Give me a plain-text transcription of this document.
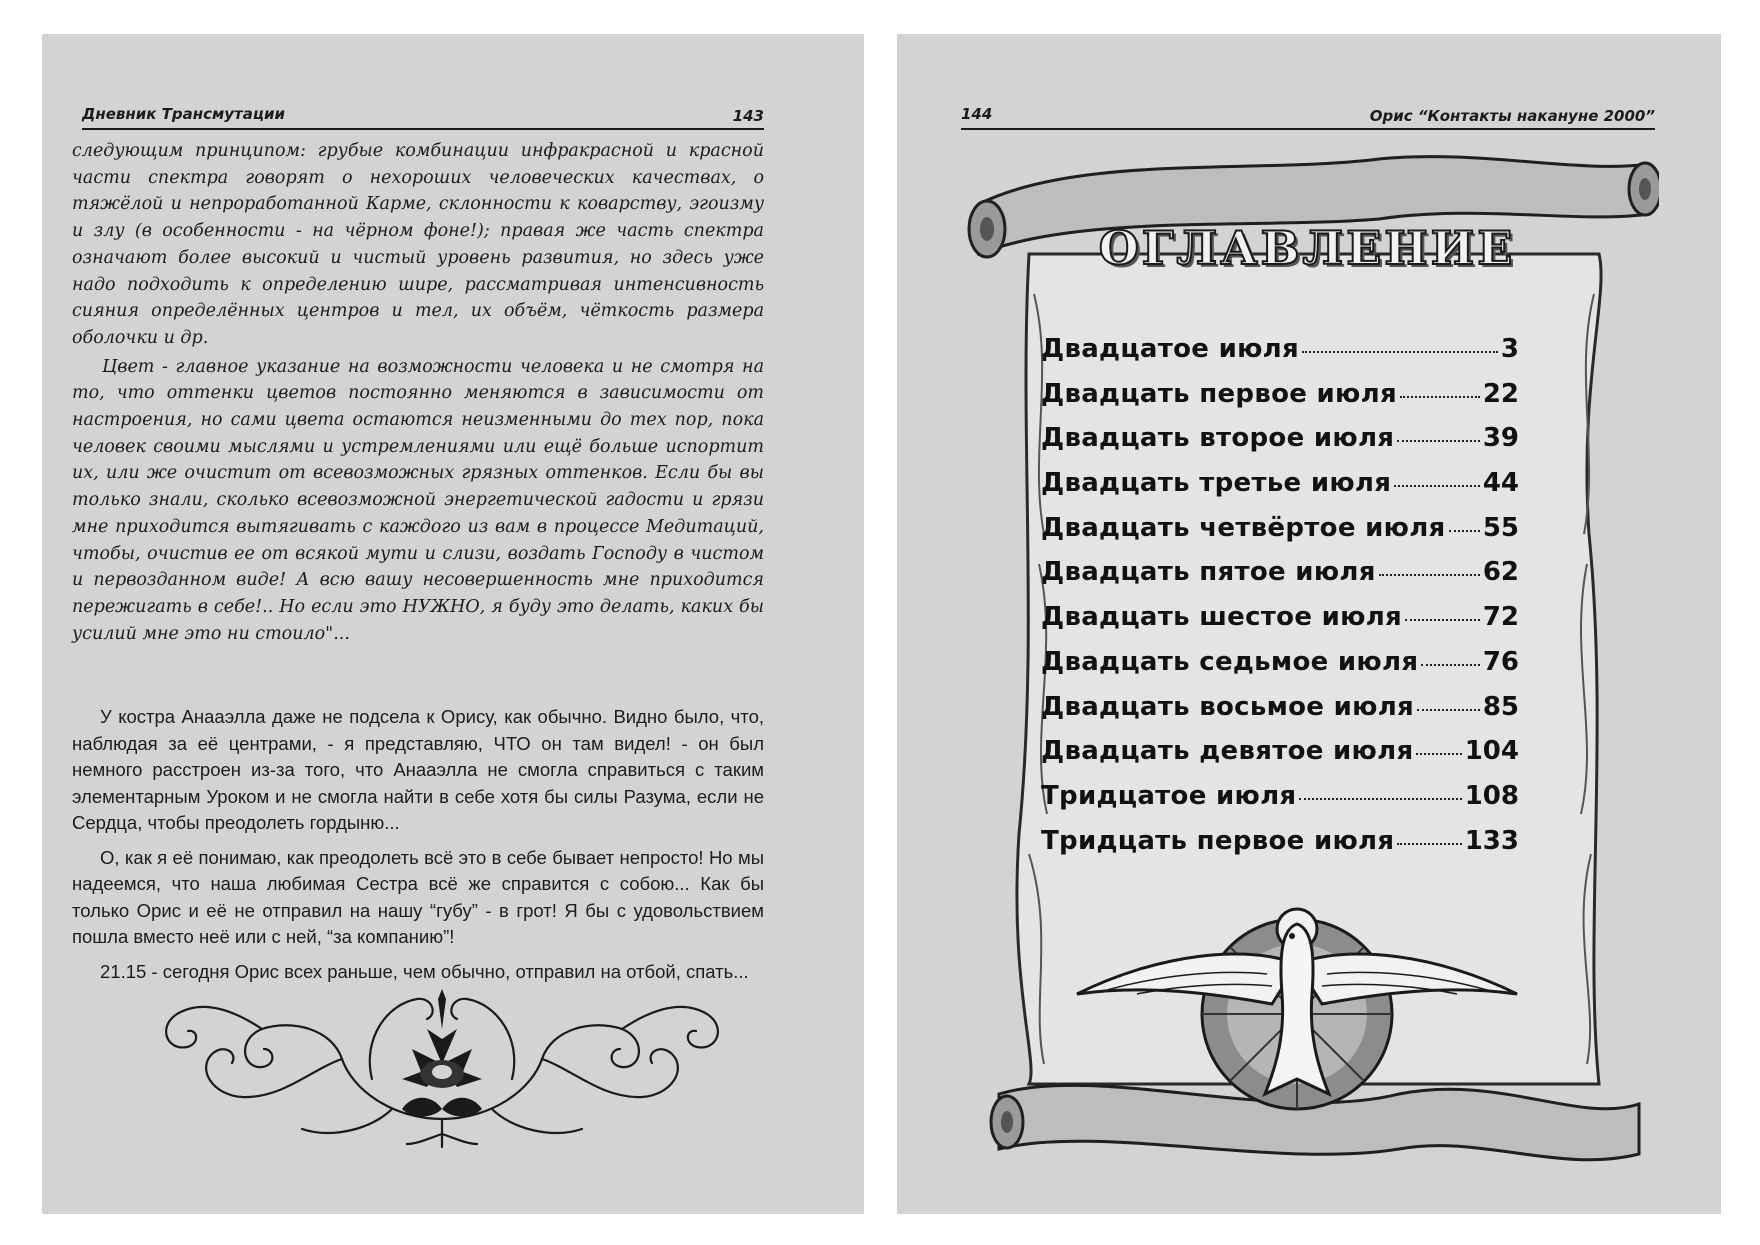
Дневник Трансмутации	143

следующим принципом: грубые комбинации инфракрасной и красной части спектра говорят о нехороших человеческих качествах, о тяжёлой и непроработанной Карме, склонности к коварству, эгоизму и злу (в особенности - на чёрном фоне!); правая же часть спектра означают более высокий и чистый уровень развития, но здесь уже надо подходить к определению шире, рассматривая интенсивность сияния определённых центров и тел, их объём, чёткость размера оболочки и др.

Цвет - главное указание на возможности человека и не смотря на то, что оттенки цветов постоянно меняются в зависимости от настроения, но сами цвета остаются неизменными до тех пор, пока человек своими мыслями и устремлениями или ещё больше испортит их, или же очистит от всевозможных грязных оттенков. Если бы вы только знали, сколько всевозможной энергетической гадости и грязи мне приходится вытягивать с каждого из вам в процессе Медитаций, чтобы, очистив ее от всякой мути и слизи, воздать Господу в чистом и первозданном виде! А всю вашу несовершенность мне приходится пережигать в себе!.. Но если это НУЖНО, я буду это делать, каких бы усилий мне это ни стоило"...

У костра Анааэлла даже не подсела к Орису, как обычно. Видно было, что, наблюдая за её центрами, - я представляю, ЧТО он там видел! - он был немного расстроен из-за того, что Анааэлла не смогла справиться с таким элементарным Уроком и не смогла найти в себе хотя бы силы Разума, если не Сердца, чтобы преодолеть гордыню...

О, как я её понимаю, как преодолеть всё это в себе бывает непросто! Но мы надеемся, что наша любимая Сестра всё же справится с собою... Как бы только Орис и её не отправил на нашу “губу” - в грот! Я бы с удовольствием пошла вместо неё или с ней, “за компанию”!

21.15 - сегодня Орис всех раньше, чем обычно, отправил на отбой, спать...

144	Орис “Контакты накануне 2000”
ОГЛАВЛЕНИЕ
Двадцатое июля	3
Двадцать первое июля	22
Двадцать второе июля	39
Двадцать третье июля	44
Двадцать четвёртое июля 55
Двадцать пятое июля	62
Двадцать шестое июля	72
Двадцать седьмое июля 76
Двадцать восьмое июля	85
Двадцать девятое июля 104
Тридцатое июля	108
Тридцать первое июля	133
